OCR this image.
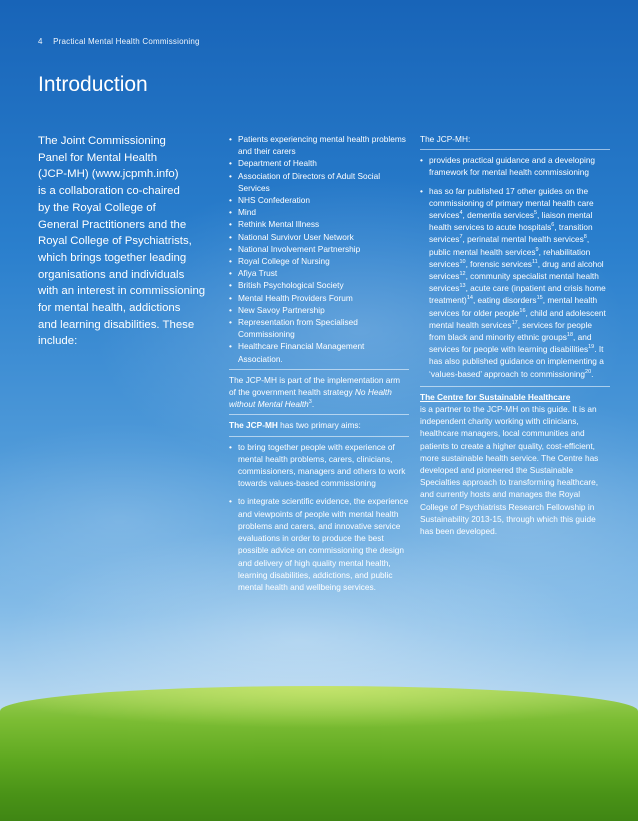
4 Practical Mental Health Commissioning
Introduction
The Joint Commissioning
Panel for Mental Health
(JCP-MH) (www.jcpmh.info)
is a collaboration co-chaired
by the Royal College of
General Practitioners and the
Royal College of Psychiatrists,
which brings together leading
organisations and individuals
with an interest in commissioning
for mental health, addictions
and learning disabilities. These
include:

• Patients experiencing mental health problems and their carers
• Department of Health
• Association of Directors of Adult Social Services
• NHS Confederation
• Mind
• Rethink Mental Illness
• National Survivor User Network
• National Involvement Partnership
• Royal College of Nursing
• Afiya Trust
• British Psychological Society
• Mental Health Providers Forum
• New Savoy Partnership
• Representation from Specialised Commissioning
• Healthcare Financial Management Association.

The JCP-MH is part of the implementation arm of the government health strategy No Health without Mental Health$^3$.

The JCP-MH has two primary aims:

• to bring together people with experience of mental health problems, carers, clinicians, commissioners, managers and others to work towards values-based commissioning
• to integrate scientific evidence, the experience and viewpoints of people with mental health problems and carers, and innovative service evaluations in order to produce the best possible advice on commissioning the design and delivery of high quality mental health, learning disabilities, addictions, and public mental health and wellbeing services.

The JCP-MH:

• provides practical guidance and a developing framework for mental health commissioning
• has so far published 17 other guides on the commissioning of primary mental health care services$^4$, dementia services$^5$, liaison mental health services to acute hospitals$^6$, transition services$^7$, perinatal mental health services$^8$, public mental health services$^9$, rehabilitation services$^{10}$, forensic services$^{11}$, drug and alcohol services$^{12}$, community specialist mental health services$^{13}$, acute care (inpatient and crisis home treatment)$^{14}$, eating disorders$^{15}$, mental health services for older people$^{16}$, child and adolescent mental health services$^{17}$, services for people from black and minority ethnic groups$^{18}$, and services for people with learning disabilities$^{19}$. It has also published guidance on implementing a ‘values-based’ approach to commissioning$^{20}$.

The Centre for Sustainable Healthcare

is a partner to the JCP-MH on this guide. It is an independent charity working with clinicians, healthcare managers, local communities and patients to create a higher quality, cost-efficient, more sustainable health service. The Centre has developed and pioneered the Sustainable Specialties approach to transforming healthcare, and currently hosts and manages the Royal College of Psychiatrists Research Fellowship in Sustainability 2013-15, through which this guide has been developed.
